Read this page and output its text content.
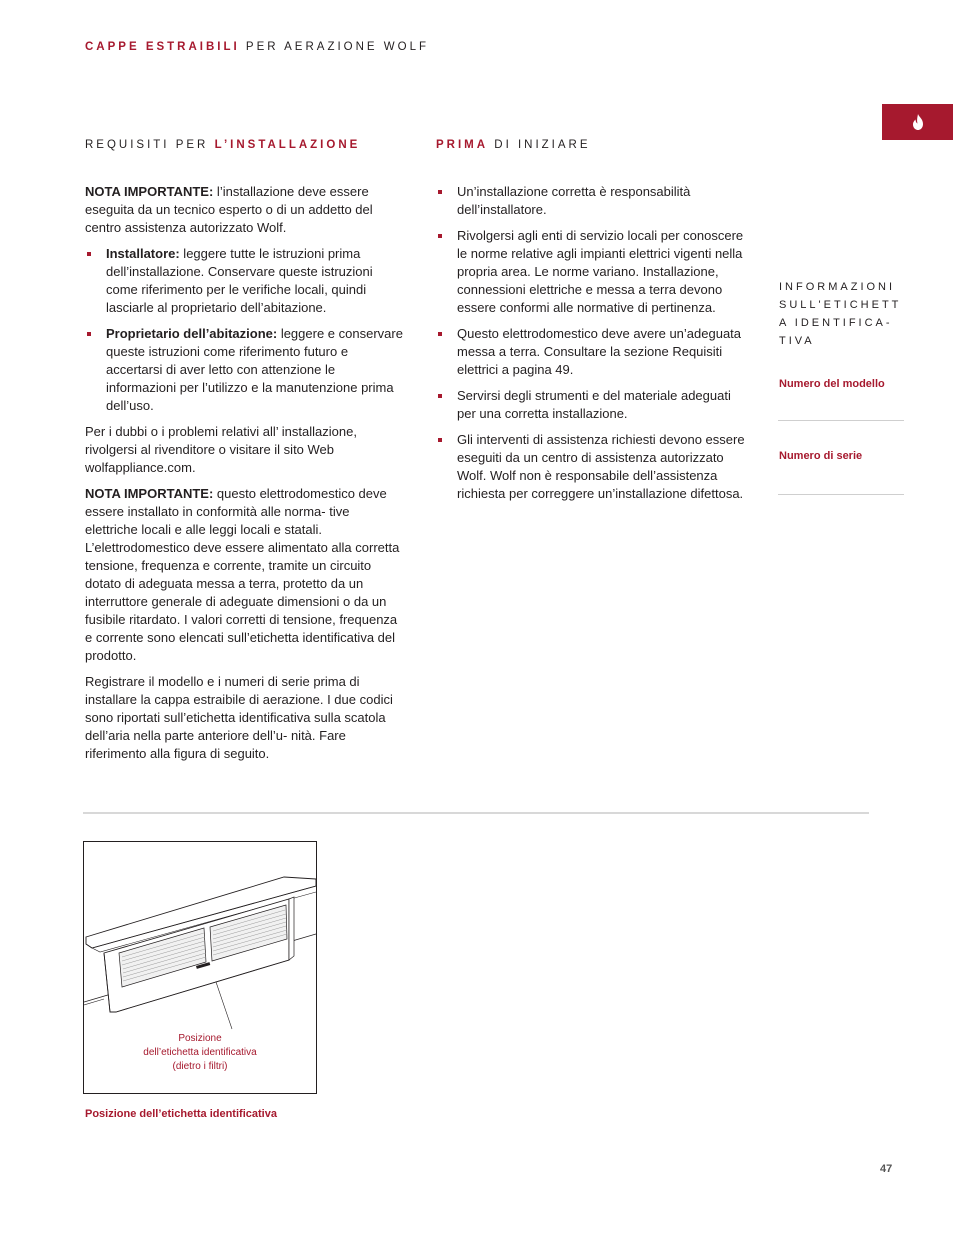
CAPPE ESTRAIBILI PER AERAZIONE WOLF
REQUISITI PER L’INSTALLAZIONE	PRIMA DI INIZIARE

NOTA IMPORTANTE: l’installazione deve essere eseguita da un tecnico esperto o di un addetto del centro assistenza autorizzato Wolf.

Installatore: leggere tutte le istruzioni prima dell’installazione. Conservare queste istruzioni come riferimento per le verifiche locali, quindi lasciarle al proprietario dell’abitazione.
Proprietario dell’abitazione: leggere e conservare queste istruzioni come riferimento futuro e accertarsi di aver letto con attenzione le informazioni per l’utilizzo e la manutenzione prima dell’uso.

Per i dubbi o i problemi relativi all’ installazione, rivolgersi al rivenditore o visitare il sito Web wolfappliance.com.

NOTA IMPORTANTE: questo elettrodomestico deve essere installato in conformità alle norma- tive elettriche locali e alle leggi locali e statali. L’elettrodomestico deve essere alimentato alla corretta tensione, frequenza e corrente, tramite un circuito dotato di adeguata messa a terra, protetto da un interruttore generale di adeguate dimensioni o da un fusibile ritardato. I valori corretti di tensione, frequenza e corrente sono elencati sull’etichetta identificativa del prodotto.

Registrare il modello e i numeri di serie prima di installare la cappa estraibile di aerazione. I due codici sono riportati sull’etichetta identificativa sulla scatola dell’aria nella parte anteriore dell’u- nità. Fare riferimento alla figura di seguito.

Un’installazione corretta è responsabilità dell’installatore.
Rivolgersi agli enti di servizio locali per conoscere le norme relative agli impianti elettrici vigenti nella propria area. Le norme variano. Installazione, connessioni elettriche e messa a terra devono essere conformi alle normative di pertinenza.
Questo elettrodomestico deve avere un’adeguata messa a terra. Consultare la sezione Requisiti elettrici a pagina 49.
Servirsi degli strumenti e del materiale adeguati per una corretta installazione.
Gli interventi di assistenza richiesti devono essere eseguiti da un centro di assistenza autorizzato Wolf. Wolf non è responsabile dell’assistenza richiesta per correggere un’installazione difettosa.
INFORMAZIONI
SULL'ETICHETT
A IDENTIFICA-
TIVA
Numero del modello
Numero di serie
Posizione
dell’etichetta identificativa
(dietro i filtri)
Posizione dell’etichetta identificativa
47
